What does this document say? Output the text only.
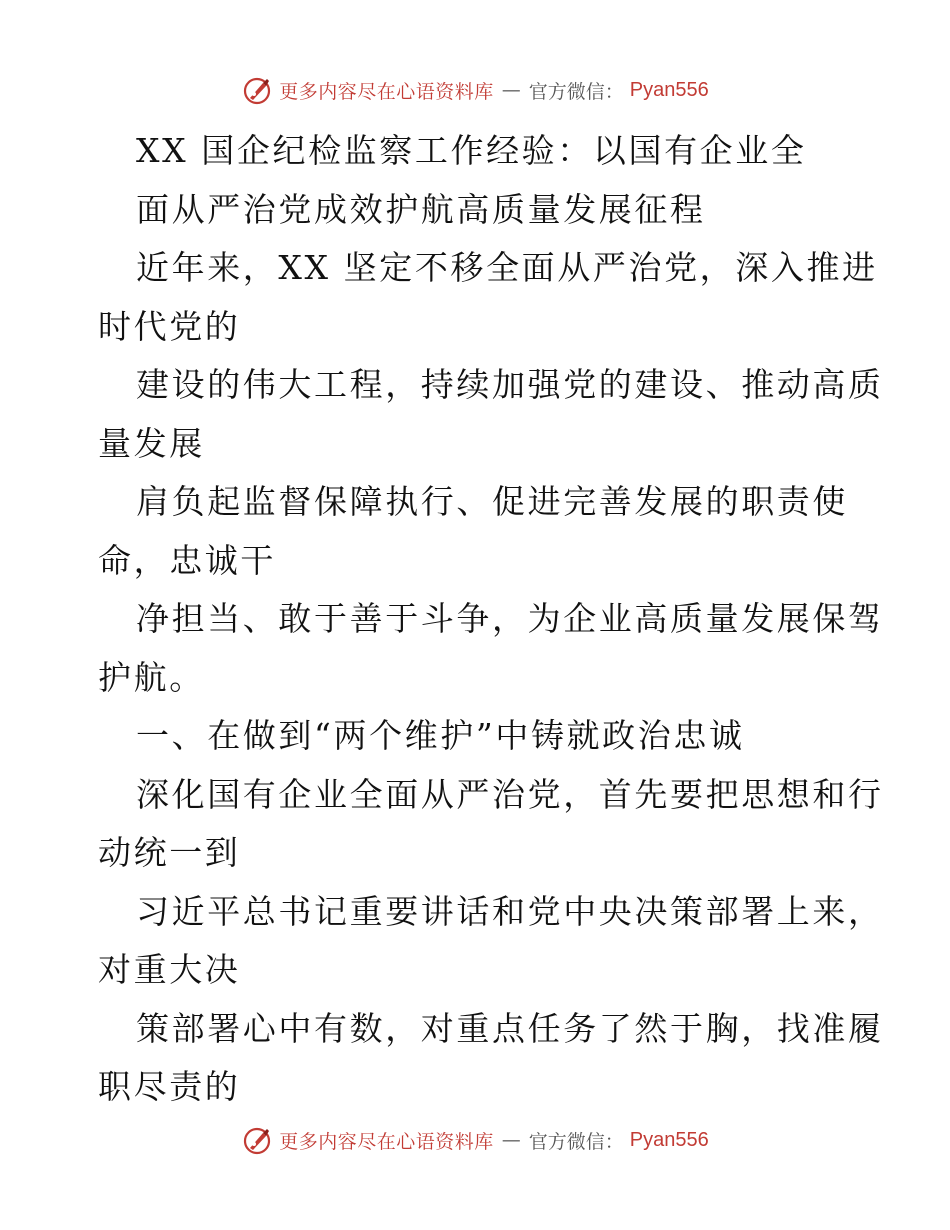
更多内容尽在心语资料库 — 官方微信： Pyan556
XX 国企纪检监察工作经验：以国有企业全
面从严治党成效护航高质量发展征程
近年来，XX 坚定不移全面从严治党，深入推进
时代党的
建设的伟大工程，持续加强党的建设、推动高质
量发展
肩负起监督保障执行、促进完善发展的职责使
命，忠诚干
净担当、敢于善于斗争，为企业高质量发展保驾
护航。
一、在做到“两个维护”中铸就政治忠诚
深化国有企业全面从严治党，首先要把思想和行
动统一到
习近平总书记重要讲话和党中央决策部署上来，
对重大决
策部署心中有数，对重点任务了然于胸，找准履
职尽责的
更多内容尽在心语资料库 — 官方微信： Pyan556
